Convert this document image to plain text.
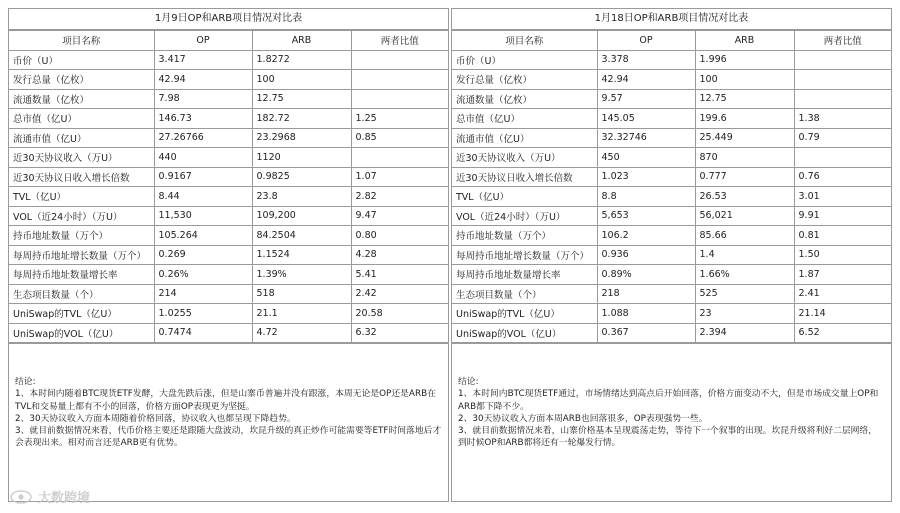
1月9日OP和ARB项目情况对比表
项目名称	OP	ARB	两者比值
币价（U）	3.417	1.8272	
发行总量（亿枚）	42.94	100	
流通数量（亿枚）	7.98	12.75	
总市值（亿U）	146.73	182.72	1.25
流通市值（亿U）	27.26766	23.2968	0.85
近30天协议收入（万U）	440	1120	
近30天协议日收入增长倍数	0.9167	0.9825	1.07
TVL（亿U）	8.44	23.8	2.82
VOL（近24小时）（万U）	11,530	109,200	9.47
持币地址数量（万个）	105.264	84.2504	0.80
每周持币地址增长数量（万个）	0.269	1.1524	4.28
每周持币地址数量增长率	0.26%	1.39%	5.41
生态项目数量（个）	214	518	2.42
UniSwap的TVL（亿U）	1.0255	21.1	20.58
UniSwap的VOL（亿U）	0.7474	4.72	6.32

结论:

1、本时间内随着BTC现货ETF发酵，大盘先跌后涨，但是山寨币普遍并没有跟涨，本周无论是OP还是ARB在TVL和交易量上都有不小的回落，价格方面OP表现更为坚挺。

2、30天协议收入方面本周随着价格回落，协议收入也都呈现下降趋势。

3、就目前数据情况来看，代币价格主要还是跟随大盘波动，坎昆升级的真正炒作可能需要等ETF时间落地后才会表现出来。相对而言还是ARB更有优势。

1月18日OP和ARB项目情况对比表
项目名称	OP	ARB	两者比值
币价（U）	3.378	1.996	
发行总量（亿枚）	42.94	100	
流通数量（亿枚）	9.57	12.75	
总市值（亿U）	145.05	199.6	1.38
流通市值（亿U）	32.32746	25.449	0.79
近30天协议收入（万U）	450	870	
近30天协议日收入增长倍数	1.023	0.777	0.76
TVL（亿U）	8.8	26.53	3.01
VOL（近24小时）（万U）	5,653	56,021	9.91
持币地址数量（万个）	106.2	85.66	0.81
每周持币地址增长数量（万个）	0.936	1.4	1.50
每周持币地址数量增长率	0.89%	1.66%	1.87
生态项目数量（个）	218	525	2.41
UniSwap的TVL（亿U）	1.088	23	21.14
UniSwap的VOL（亿U）	0.367	2.394	6.52

结论:

1、本时间内BTC现货ETF通过，市场情绪达到高点后开始回落，价格方面变动不大，但是市场成交量上OP和ARB都下降不少。

2、30天协议收入方面本周ARB也回落很多，OP表现强势一些。

3、就目前数据情况来看，山寨价格基本呈现震荡走势，等待下一个叙事的出现。坎昆升级将利好二层网络，到时候OP和ARB都将还有一轮爆发行情。

大数跨境
